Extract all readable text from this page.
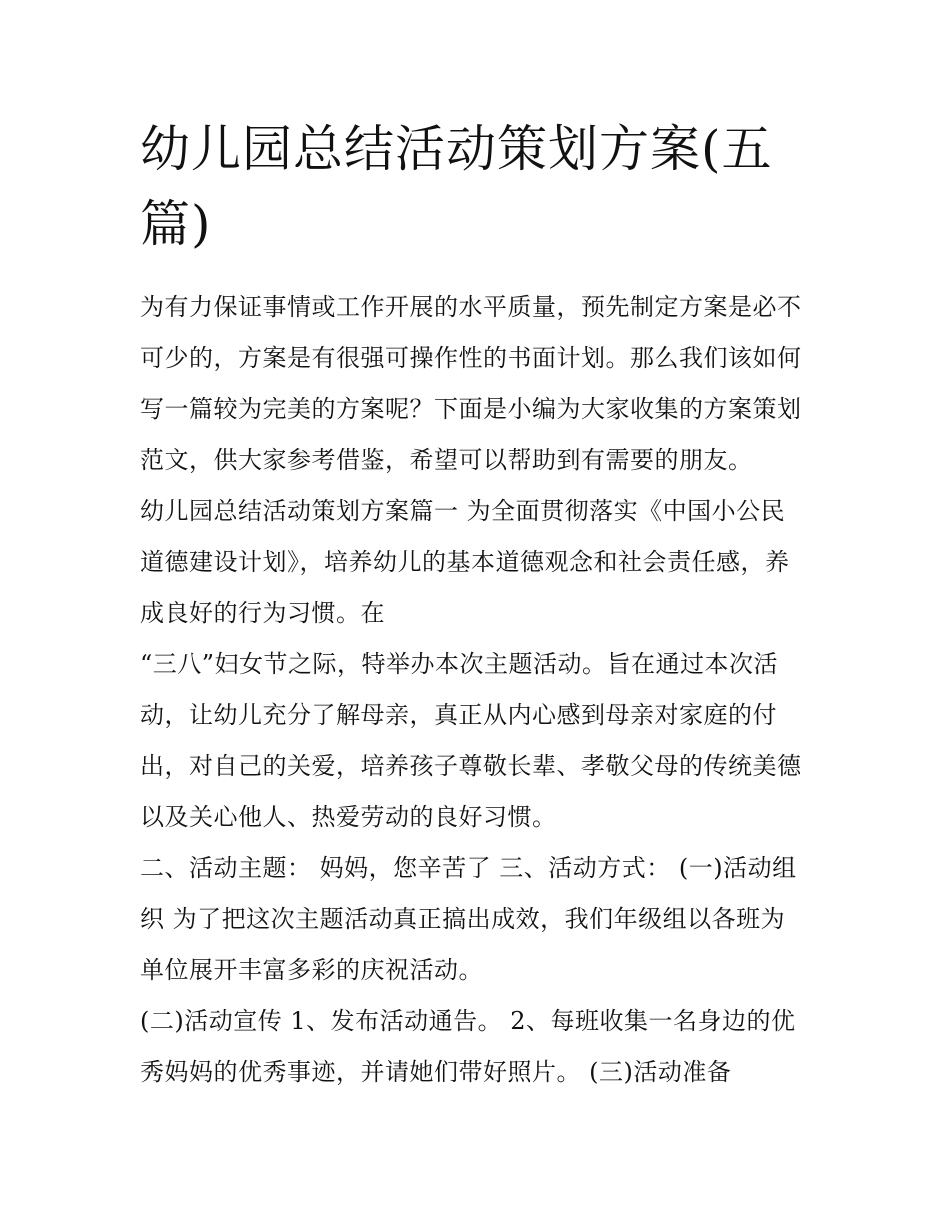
幼儿园总结活动策划方案(五
篇)
为有力保证事情或工作开展的水平质量，预先制定方案是必不
可少的，方案是有很强可操作性的书面计划。那么我们该如何
写一篇较为完美的方案呢？下面是小编为大家收集的方案策划
范文，供大家参考借鉴，希望可以帮助到有需要的朋友。
幼儿园总结活动策划方案篇一 为全面贯彻落实《中国小公民
道德建设计划》，培养幼儿的基本道德观念和社会责任感，养
成良好的行为习惯。在
“三八”妇女节之际，特举办本次主题活动。旨在通过本次活
动，让幼儿充分了解母亲，真正从内心感到母亲对家庭的付
出，对自己的关爱，培养孩子尊敬长辈、孝敬父母的传统美德
以及关心他人、热爱劳动的良好习惯。
二、活动主题： 妈妈，您辛苦了 三、活动方式： (一)活动组
织 为了把这次主题活动真正搞出成效，我们年级组以各班为
单位展开丰富多彩的庆祝活动。
(二)活动宣传 1、发布活动通告。 2、每班收集一名身边的优
秀妈妈的优秀事迹，并请她们带好照片。 (三)活动准备
